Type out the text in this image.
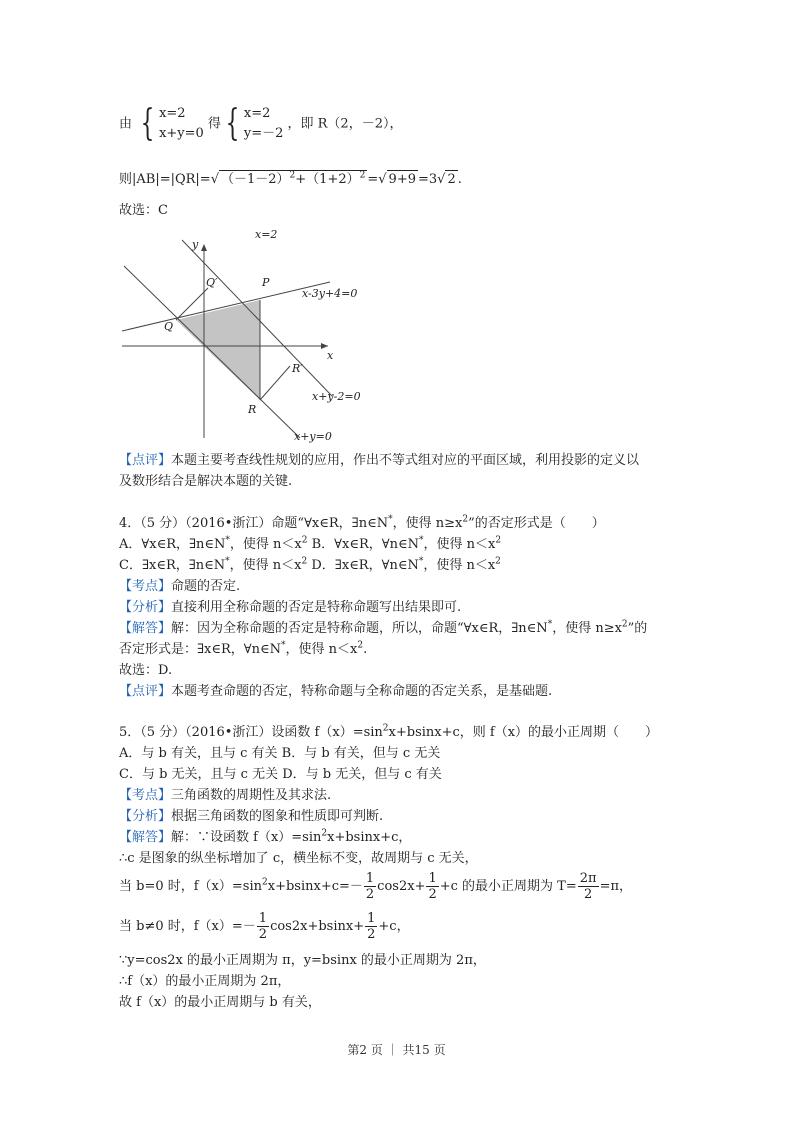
由 { x=2
x+y=0 得 { x=2
y=－2 ，即 R（2，－2），
则|AB|=|QR|=√ $(-1-2)^2+(1+2)^2$ =√ 9+9 =3√ 2 .
故选：C
x=2
y
x
Q′	P
Q
x-3y+4=0
R′
x+y-2=0
R
x+y=0
【点评】本题主要考查线性规划的应用，作出不等式组对应的平面区域，利用投影的定义以
及数形结合是解决本题的关键.
4．（5 分）（2016•浙江）命题“∀x∈R，∃n∈N*，使得 $n\ge x^2$”的否定形式是（　　）
A．∀x∈R，∃n∈N*，使得 $n<x^2$ B．∀x∈R，∀n∈N*，使得 $n<x^2$
C．∃x∈R，∃n∈N*，使得 $n<x^2$ D．∃x∈R，∀n∈N*，使得 $n<x^2$
【考点】命题的否定.
【分析】直接利用全称命题的否定是特称命题写出结果即可.
【解答】解：因为全称命题的否定是特称命题，所以，命题“∀x∈R，∃n∈N*，使得 $n\ge x^2$”的
否定形式是：∃x∈R，∀n∈N*，使得 $n<x^2$.
故选：D.
【点评】本题考查命题的否定，特称命题与全称命题的否定关系，是基础题.
5．（5 分）（2016•浙江）设函数 $f(x)=\sin^2x+bsinx+c$，则 f（x）的最小正周期（　　）
A．与 b 有关，且与 c 有关 B．与 b 有关，但与 c 无关
C．与 b 无关，且与 c 无关 D．与 b 无关，但与 c 有关
【考点】三角函数的周期性及其求法.
【分析】根据三角函数的图象和性质即可判断.
【解答】解：∵设函数 $f(x)=\sin^2x+bsinx+c$，
∴c 是图象的纵坐标增加了 c，横坐标不变，故周期与 c 无关，
当 b=0 时，$f(x)=\sin^2x+bsinx+c=- \frac{1}{2} \cos 2x+ \frac{1}{2} +c$ 的最小正周期为 $T= \frac{2\pi}{2} =\pi$，
当 b≠0 时，$f(x)=- \frac{1}{2} \cos 2x+bsinx+ \frac{1}{2} +c$，
∵y=cos2x 的最小正周期为 π，y=bsinx 的最小正周期为 2π，
∴f（x）的最小正周期为 2π，
故 f（x）的最小正周期与 b 有关，
第2 页 ｜ 共15 页
